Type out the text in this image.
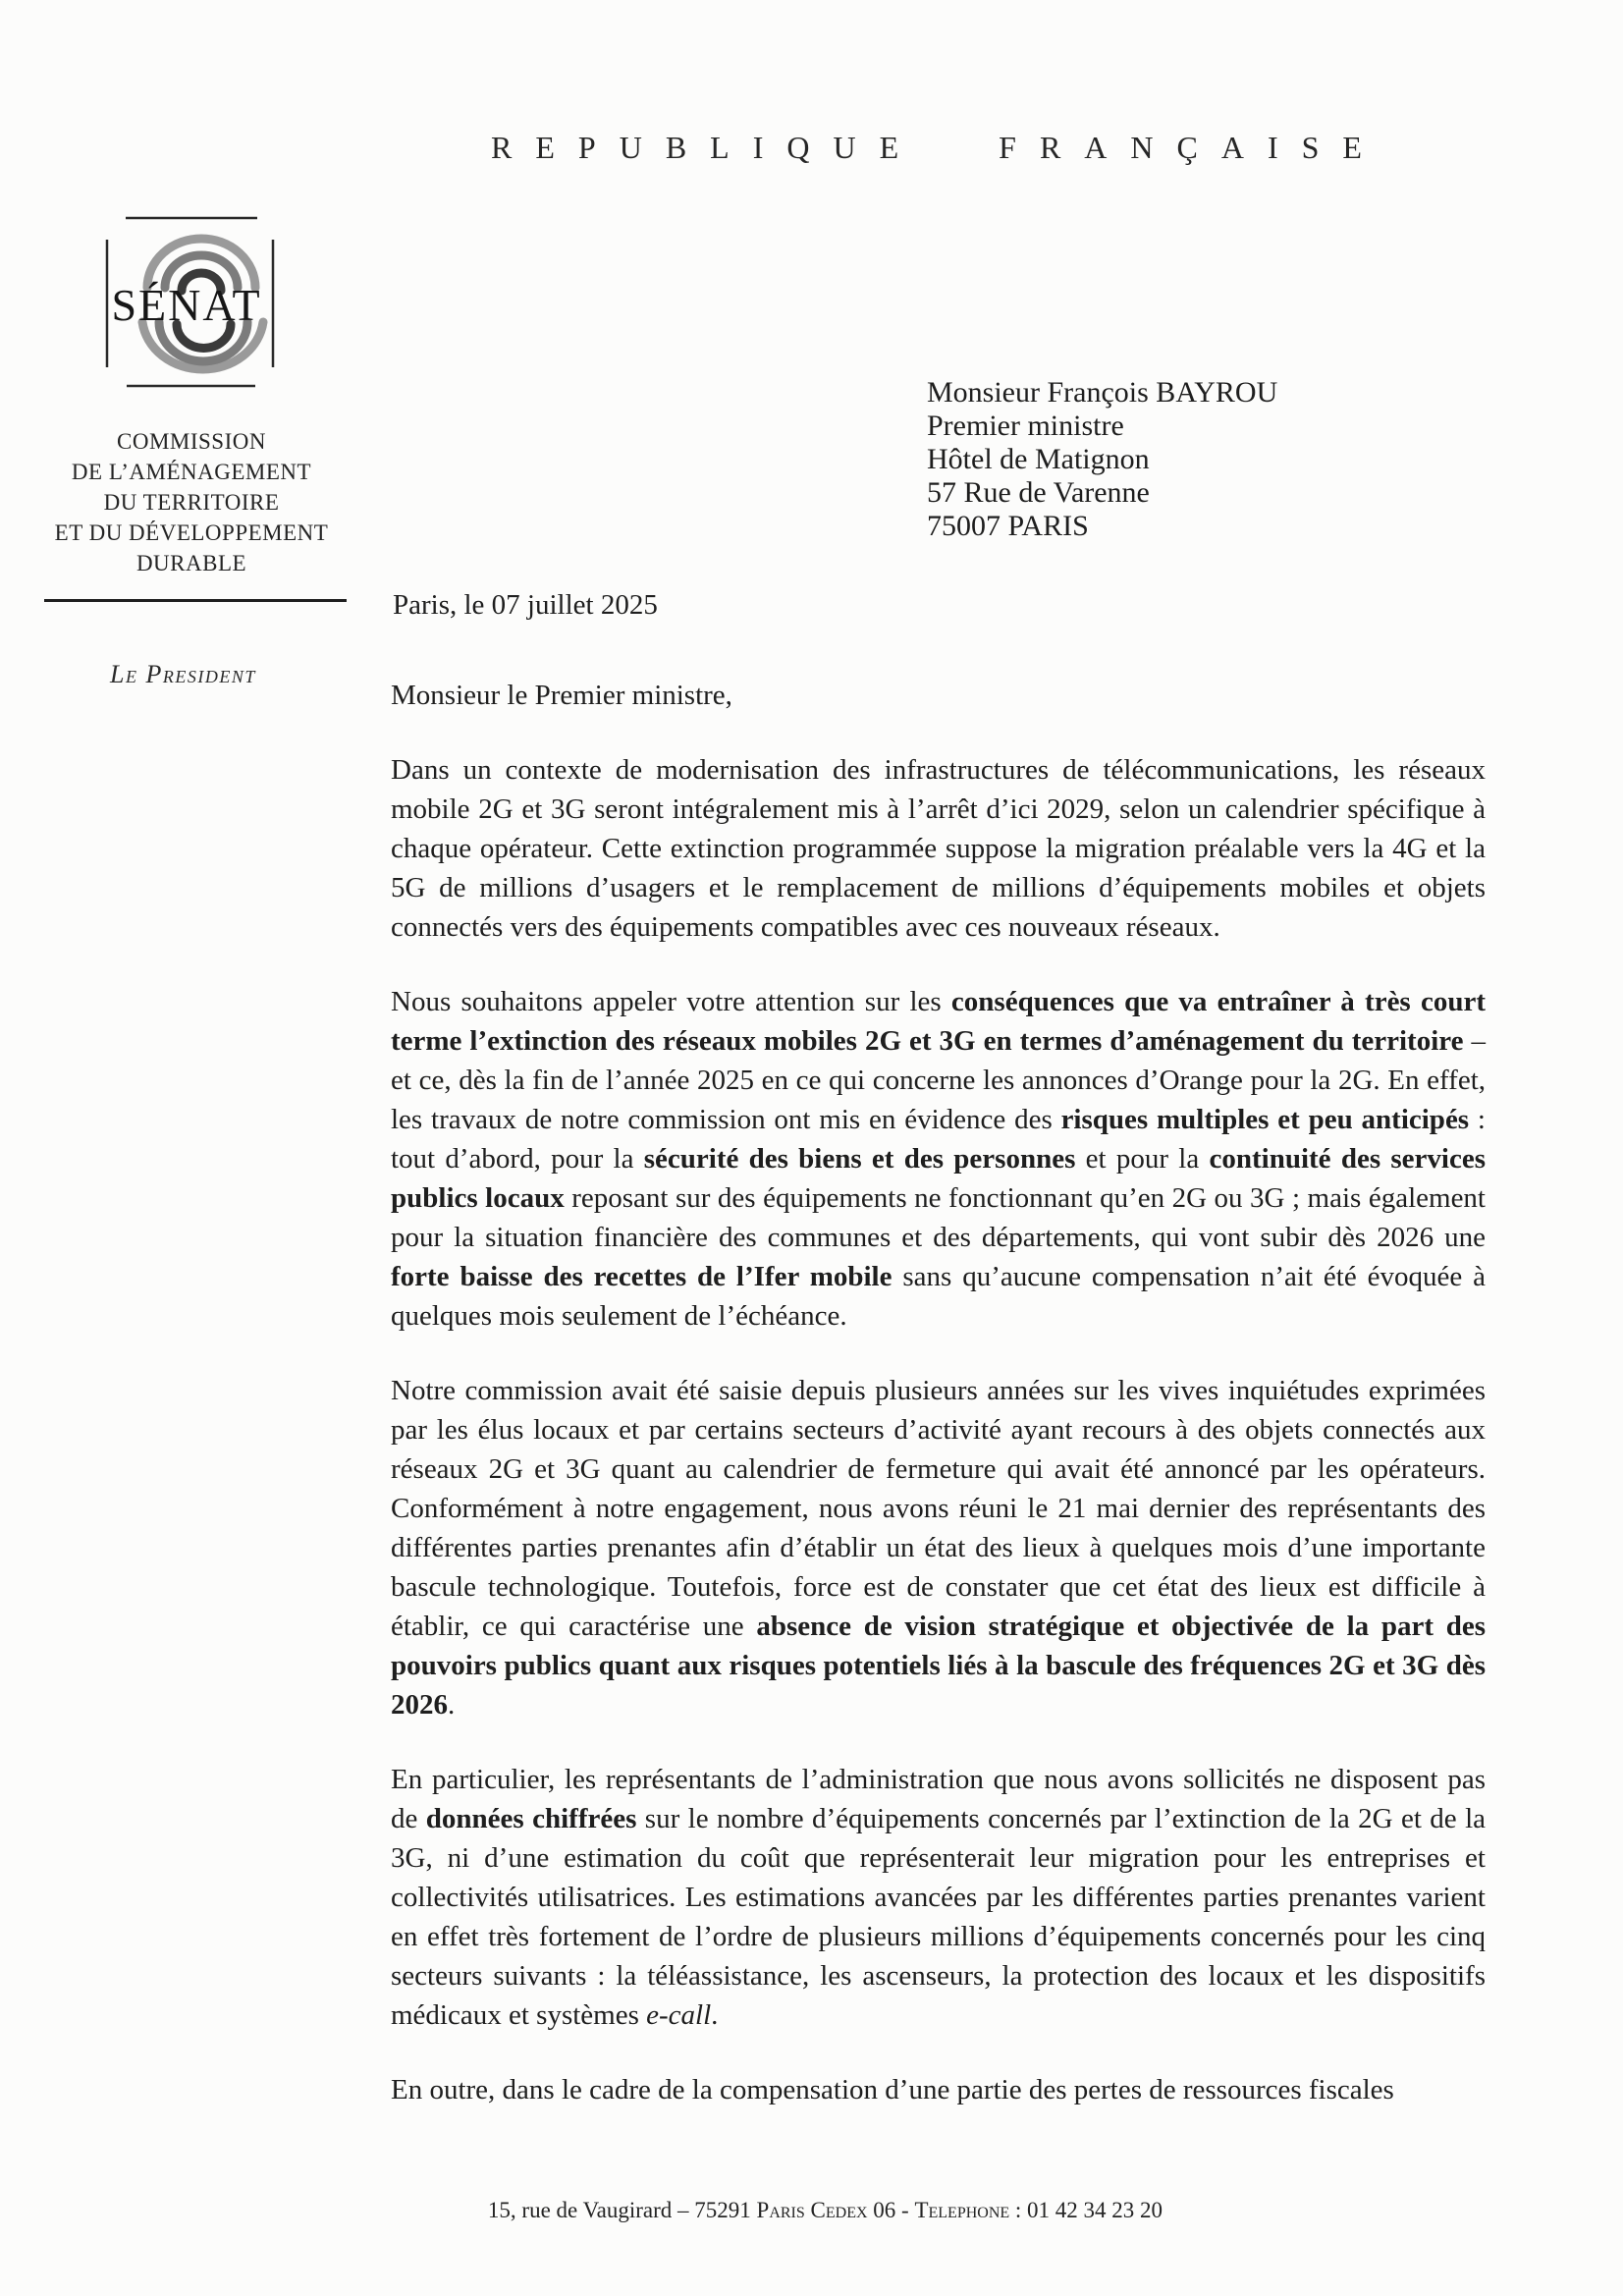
REPUBLIQUE FRANÇAISE
SÉNAT
COMMISSION
DE L’AMÉNAGEMENT
DU TERRITOIRE
ET DU DÉVELOPPEMENT
DURABLE
Le President
Monsieur François BAYROU
Premier ministre
Hôtel de Matignon
57 Rue de Varenne
75007 PARIS
Paris, le 07 juillet 2025

Monsieur le Premier ministre,

Dans un contexte de modernisation des infrastructures de télécommunications, les réseaux mobile 2G et 3G seront intégralement mis à l’arrêt d’ici 2029, selon un calendrier spécifique à chaque opérateur. Cette extinction programmée suppose la migration préalable vers la 4G et la 5G de millions d’usagers et le remplacement de millions d’équipements mobiles et objets connectés vers des équipements compatibles avec ces nouveaux réseaux.

Nous souhaitons appeler votre attention sur les conséquences que va entraîner à très court terme l’extinction des réseaux mobiles 2G et 3G en termes d’aménagement du territoire – et ce, dès la fin de l’année 2025 en ce qui concerne les annonces d’Orange pour la 2G. En effet, les travaux de notre commission ont mis en évidence des risques multiples et peu anticipés : tout d’abord, pour la sécurité des biens et des personnes et pour la continuité des services publics locaux reposant sur des équipements ne fonctionnant qu’en 2G ou 3G ; mais également pour la situation financière des communes et des départements, qui vont subir dès 2026 une forte baisse des recettes de l’Ifer mobile sans qu’aucune compensation n’ait été évoquée à quelques mois seulement de l’échéance.

Notre commission avait été saisie depuis plusieurs années sur les vives inquiétudes exprimées par les élus locaux et par certains secteurs d’activité ayant recours à des objets connectés aux réseaux 2G et 3G quant au calendrier de fermeture qui avait été annoncé par les opérateurs. Conformément à notre engagement, nous avons réuni le 21 mai dernier des représentants des différentes parties prenantes afin d’établir un état des lieux à quelques mois d’une importante bascule technologique. Toutefois, force est de constater que cet état des lieux est difficile à établir, ce qui caractérise une absence de vision stratégique et objectivée de la part des pouvoirs publics quant aux risques potentiels liés à la bascule des fréquences 2G et 3G dès 2026.

En particulier, les représentants de l’administration que nous avons sollicités ne disposent pas de données chiffrées sur le nombre d’équipements concernés par l’extinction de la 2G et de la 3G, ni d’une estimation du coût que représenterait leur migration pour les entreprises et collectivités utilisatrices. Les estimations avancées par les différentes parties prenantes varient en effet très fortement de l’ordre de plusieurs millions d’équipements concernés pour les cinq secteurs suivants : la téléassistance, les ascenseurs, la protection des locaux et les dispositifs médicaux et systèmes e-call.

En outre, dans le cadre de la compensation d’une partie des pertes de ressources fiscales

15, rue de Vaugirard – 75291 Paris Cedex 06 - Telephone : 01 42 34 23 20
